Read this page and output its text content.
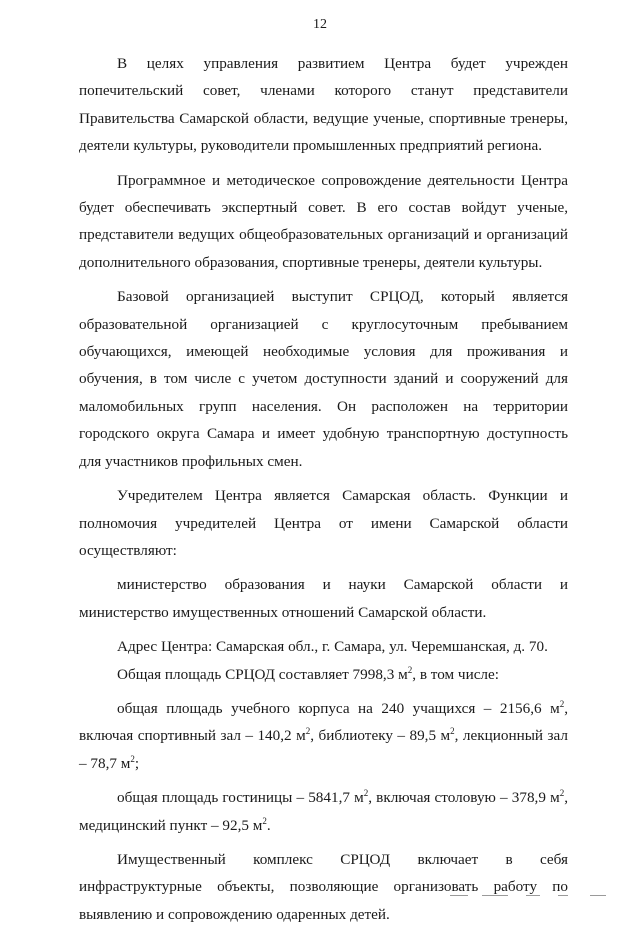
12

В целях управления развитием Центра будет учрежден попечительский совет, членами которого станут представители Правительства Самарской области, ведущие ученые, спортивные тренеры, деятели культуры, руководители промышленных предприятий региона.

Программное и методическое сопровождение деятельности Центра будет обеспечивать экспертный совет. В его состав войдут ученые, представители ведущих общеобразовательных организаций и организаций дополнительного образования, спортивные тренеры, деятели культуры.

Базовой организацией выступит СРЦОД, который является образовательной организацией с круглосуточным пребыванием обучающихся, имеющей необходимые условия для проживания и обучения, в том числе с учетом доступности зданий и сооружений для маломобильных групп населения. Он расположен на территории городского округа Самара и имеет удобную транспортную доступность для участников профильных смен.

Учредителем Центра является Самарская область. Функции и полномочия учредителей Центра от имени Самарской области осуществляют:

министерство образования и науки Самарской области и министерство имущественных отношений Самарской области.

Адрес Центра: Самарская обл., г. Самара, ул. Черемшанская, д. 70.

Общая площадь СРЦОД составляет 7998,3 $м^2$, в том числе:

общая площадь учебного корпуса на 240 учащихся – 2156,6 $м^2$, включая спортивный зал – 140,2 $м^2$, библиотеку – 89,5 $м^2$, лекционный зал – 78,7 $м^2$;

общая площадь гостиницы – 5841,7 $м^2$, включая столовую – 378,9 $м^2$, медицинский пункт – 92,5 $м^2$.

Имущественный комплекс СРЦОД включает в себя инфраструктурные объекты, позволяющие организовать работу по выявлению и сопровождению одаренных детей.
